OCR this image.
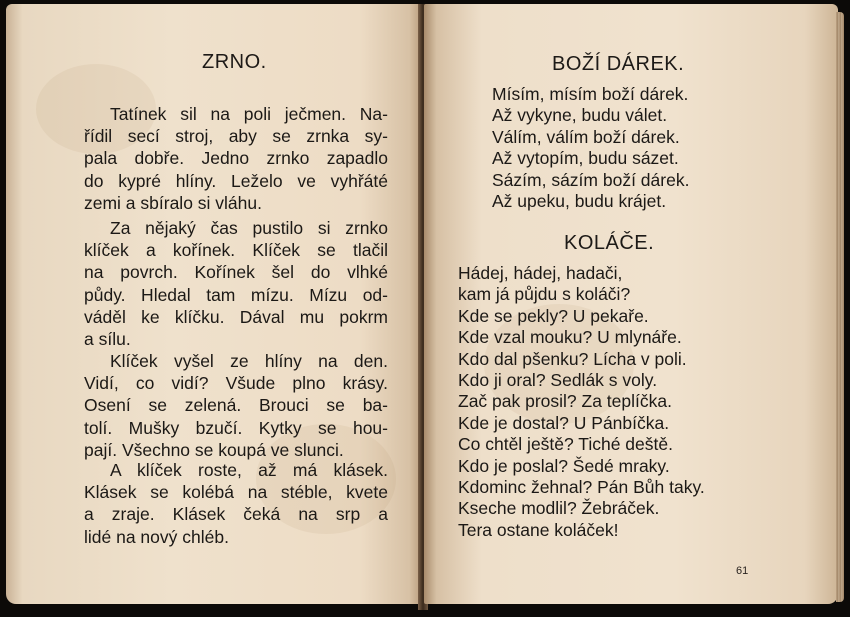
ZRNO.
Tatínek sil na poli ječmen. Na-
řídil secí stroj, aby se zrnka sy-
pala dobře. Jedno zrnko zapadlo
do kypré hlíny. Leželo ve vyhřáté
zemi a sbíralo si vláhu.
Za nějaký čas pustilo si zrnko
klíček a kořínek. Klíček se tlačil
na povrch. Kořínek šel do vlhké
půdy. Hledal tam mízu. Mízu od-
váděl ke klíčku. Dával mu pokrm
a sílu.
Klíček vyšel ze hlíny na den.
Vidí, co vidí? Všude plno krásy.
Osení se zelená. Brouci se ba-
tolí. Mušky bzučí. Kytky se hou-
pají. Všechno se koupá ve slunci.
A klíček roste, až má klásek.
Klásek se kolébá na stéble, kvete
a zraje. Klásek čeká na srp a
lidé na nový chléb.
BOŽÍ DÁREK.
Mísím, mísím boží dárek.
Až vykyne, budu válet.
Válím, válím boží dárek.
Až vytopím, budu sázet.
Sázím, sázím boží dárek.
Až upeku, budu krájet.
KOLÁČE.
Hádej, hádej, hadači,
kam já půjdu s koláči?
Kde se pekly? U pekaře.
Kde vzal mouku? U mlynáře.
Kdo dal pšenku? Lícha v poli.
Kdo ji oral? Sedlák s voly.
Zač pak prosil? Za teplíčka.
Kde je dostal? U Pánbíčka.
Co chtěl ještě? Tiché deště.
Kdo je poslal? Šedé mraky.
Kdominc žehnal? Pán Bůh taky.
Kseche modlil? Žebráček.
Tera ostane koláček!
61
